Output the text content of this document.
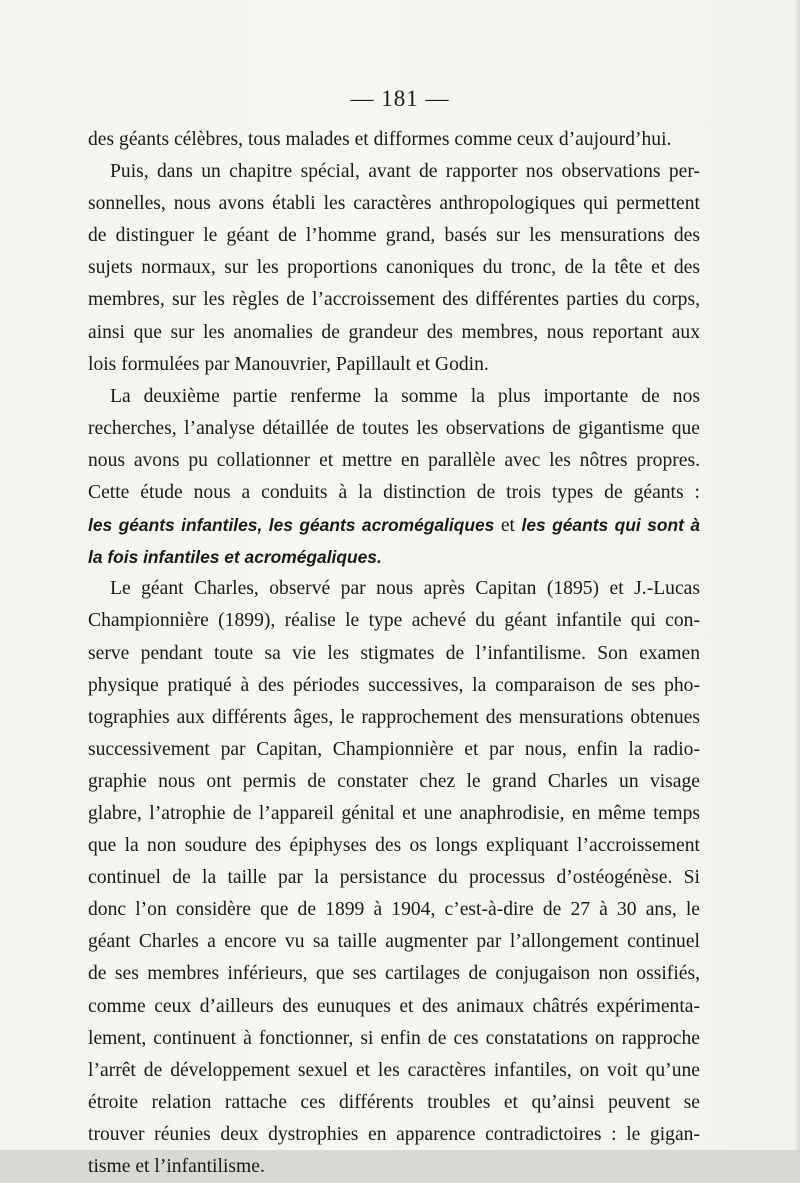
— 181 —
des géants célèbres, tous malades et difformes comme ceux d’aujourd’hui.
Puis, dans un chapitre spécial, avant de rapporter nos observations per-
sonnelles, nous avons établi les caractères anthropologiques qui permettent
de distinguer le géant de l’homme grand, basés sur les mensurations des
sujets normaux, sur les proportions canoniques du tronc, de la tête et des
membres, sur les règles de l’accroissement des différentes parties du corps,
ainsi que sur les anomalies de grandeur des membres, nous reportant aux
lois formulées par Manouvrier, Papillault et Godin.
La deuxième partie renferme la somme la plus importante de nos
recherches, l’analyse détaillée de toutes les observations de gigantisme que
nous avons pu collationner et mettre en parallèle avec les nôtres propres.
Cette étude nous a conduits à la distinction de trois types de géants :
les géants infantiles, les géants acromégaliques et les géants qui sont à
la fois infantiles et acromégaliques.
Le géant Charles, observé par nous après Capitan (1895) et J.-Lucas
Championnière (1899), réalise le type achevé du géant infantile qui con-
serve pendant toute sa vie les stigmates de l’infantilisme. Son examen
physique pratiqué à des périodes successives, la comparaison de ses pho-
tographies aux différents âges, le rapprochement des mensurations obtenues
successivement par Capitan, Championnière et par nous, enfin la radio-
graphie nous ont permis de constater chez le grand Charles un visage
glabre, l’atrophie de l’appareil génital et une anaphrodisie, en même temps
que la non soudure des épiphyses des os longs expliquant l’accroissement
continuel de la taille par la persistance du processus d’ostéogénèse. Si
donc l’on considère que de 1899 à 1904, c’est-à-dire de 27 à 30 ans, le
géant Charles a encore vu sa taille augmenter par l’allongement continuel
de ses membres inférieurs, que ses cartilages de conjugaison non ossifiés,
comme ceux d’ailleurs des eunuques et des animaux châtrés expérimenta-
lement, continuent à fonctionner, si enfin de ces constatations on rapproche
l’arrêt de développement sexuel et les caractères infantiles, on voit qu’une
étroite relation rattache ces différents troubles et qu’ainsi peuvent se
trouver réunies deux dystrophies en apparence contradictoires : le gigan-
tisme et l’infantilisme.
